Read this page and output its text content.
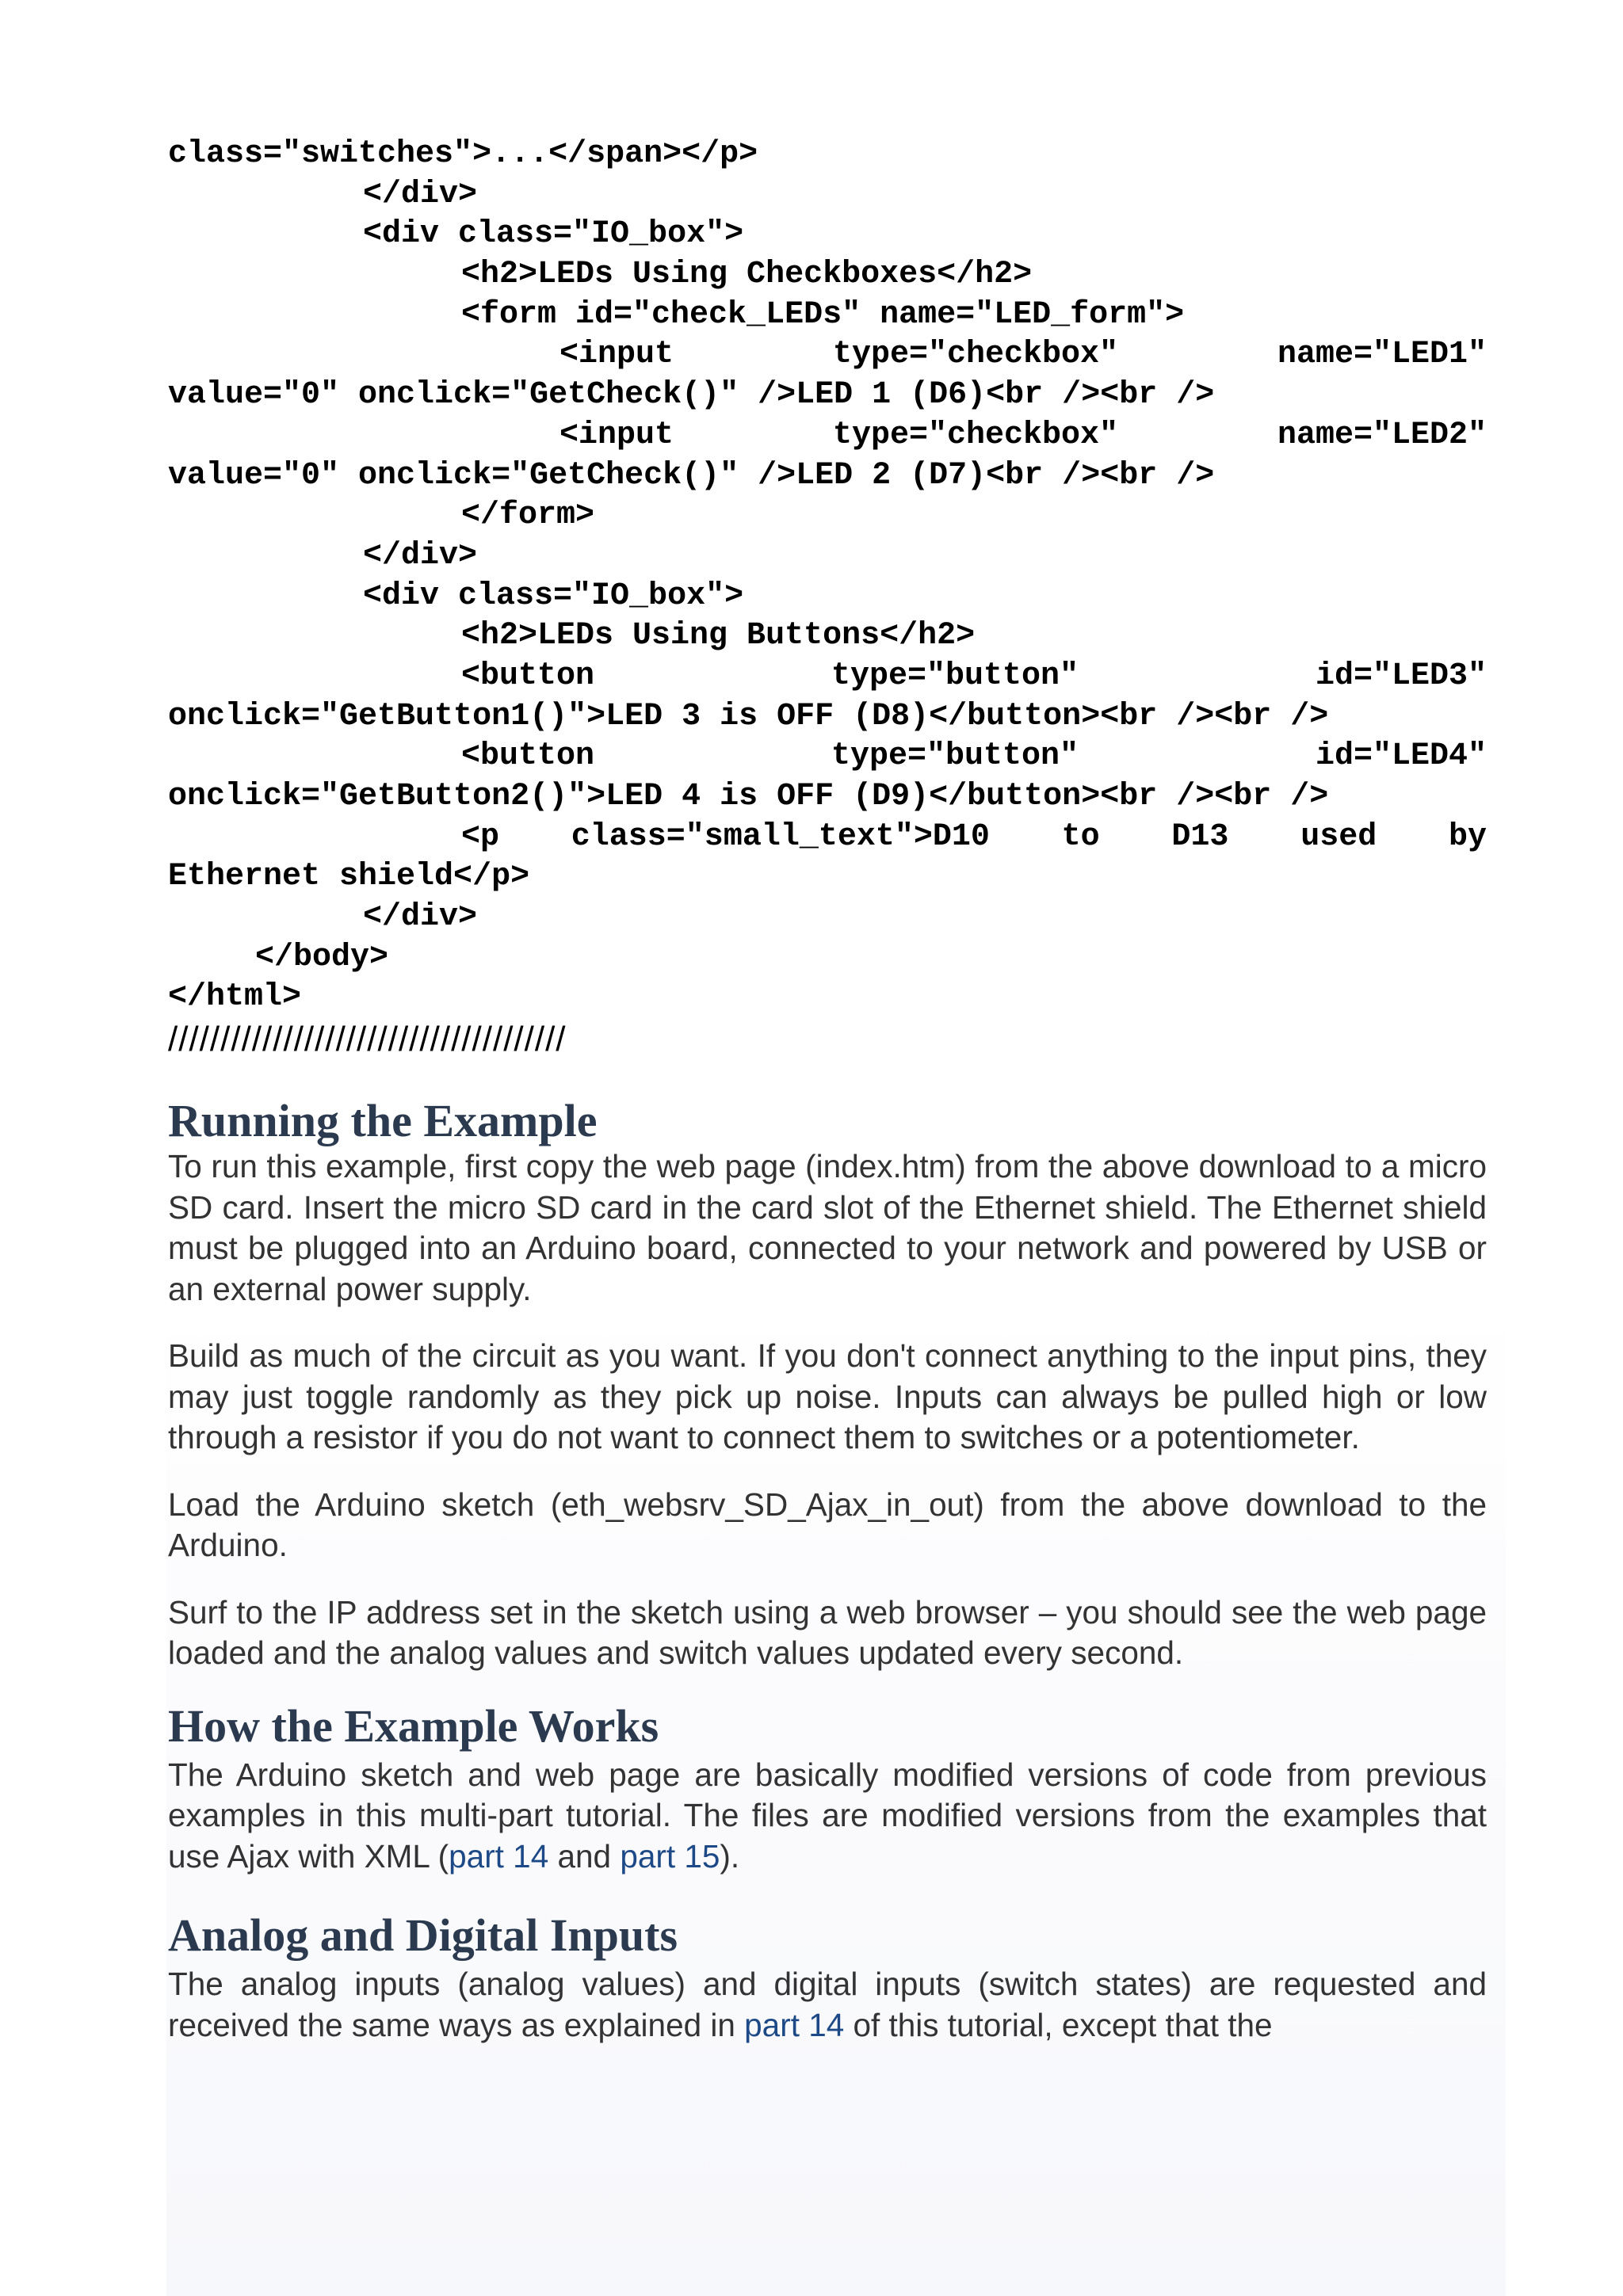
class="switches">...</span></p>
</div>
<div class="IO_box">
<h2>LEDs Using Checkboxes</h2>
<form id="check_LEDs" name="LED_form">
<input	type="checkbox"	name="LED1"
value="0" onclick="GetCheck()" />LED 1 (D6)<br /><br />
<input	type="checkbox"	name="LED2"
value="0" onclick="GetCheck()" />LED 2 (D7)<br /><br />
</form>
</div>
<div class="IO_box">
<h2>LEDs Using Buttons</h2>
<button	type="button"	id="LED3"
onclick="GetButton1()">LED 3 is OFF (D8)</button><br /><br />
<button	type="button"	id="LED4"
onclick="GetButton2()">LED 4 is OFF (D9)</button><br /><br />
<p class="small_text">D10 to D13 used by
Ethernet shield</p>
</div>
</body>
</html>
//////////////////////////////////////
Running the Example

To run this example, first copy the web page (index.htm) from the above download to a micro SD card. Insert the micro SD card in the card slot of the Ethernet shield. The Ethernet shield must be plugged into an Arduino board, connected to your network and powered by USB or an external power supply.

Build as much of the circuit as you want. If you don't connect anything to the input pins, they may just toggle randomly as they pick up noise. Inputs can always be pulled high or low through a resistor if you do not want to connect them to switches or a potentiometer.

Load the Arduino sketch (eth_websrv_SD_Ajax_in_out) from the above download to the Arduino.

Surf to the IP address set in the sketch using a web browser – you should see the web page loaded and the analog values and switch values updated every second.

How the Example Works

The Arduino sketch and web page are basically modified versions of code from previous examples in this multi-part tutorial. The files are modified versions from the examples that use Ajax with XML (part 14 and part 15).

Analog and Digital Inputs

The analog inputs (analog values) and digital inputs (switch states) are requested and received the same ways as explained in part 14 of this tutorial, except that the
